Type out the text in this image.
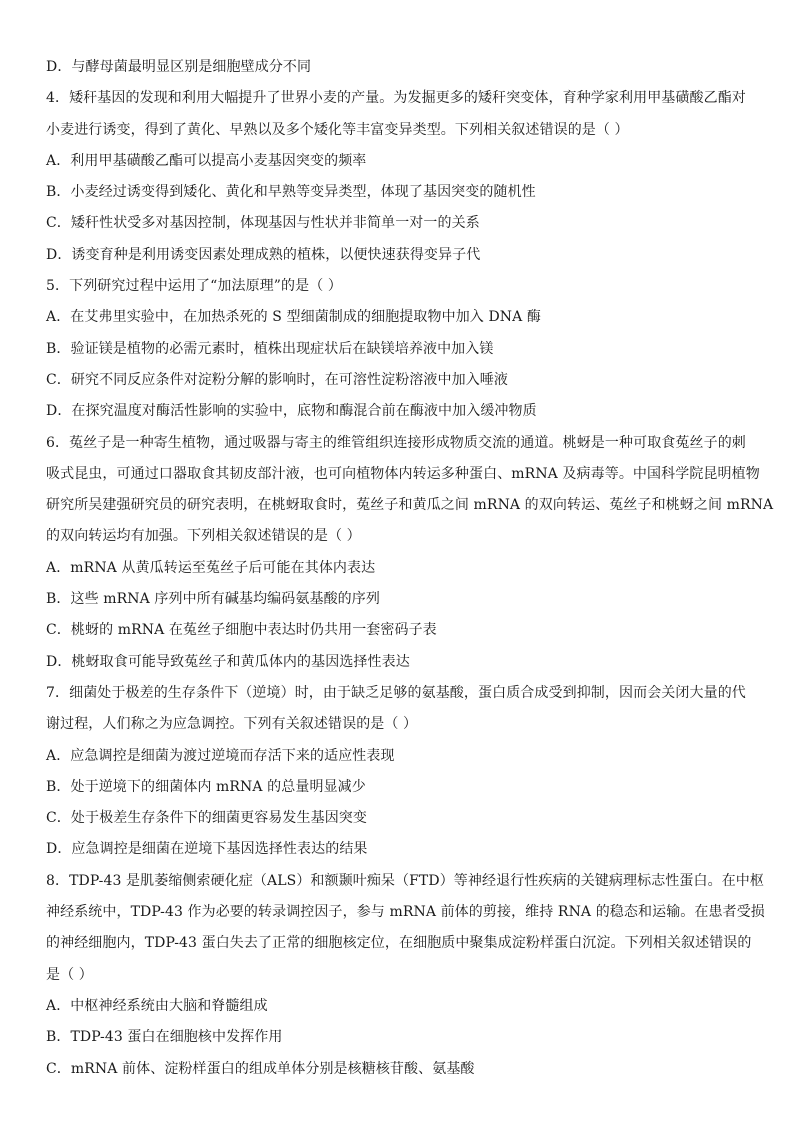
D．与酵母菌最明显区别是细胞壁成分不同
4．矮秆基因的发现和利用大幅提升了世界小麦的产量。为发掘更多的矮秆突变体，育种学家利用甲基磺酸乙酯对
小麦进行诱变，得到了黄化、早熟以及多个矮化等丰富变异类型。下列相关叙述错误的是（ ）
A．利用甲基磺酸乙酯可以提高小麦基因突变的频率
B．小麦经过诱变得到矮化、黄化和早熟等变异类型，体现了基因突变的随机性
C．矮秆性状受多对基因控制，体现基因与性状并非简单一对一的关系
D．诱变育种是利用诱变因素处理成熟的植株，以便快速获得变异子代
5．下列研究过程中运用了“加法原理”的是（ ）
A．在艾弗里实验中，在加热杀死的 S 型细菌制成的细胞提取物中加入 DNA 酶
B．验证镁是植物的必需元素时，植株出现症状后在缺镁培养液中加入镁
C．研究不同反应条件对淀粉分解的影响时，在可溶性淀粉溶液中加入唾液
D．在探究温度对酶活性影响的实验中，底物和酶混合前在酶液中加入缓冲物质
6．菟丝子是一种寄生植物，通过吸器与寄主的维管组织连接形成物质交流的通道。桃蚜是一种可取食菟丝子的刺
吸式昆虫，可通过口器取食其韧皮部汁液，也可向植物体内转运多种蛋白、mRNA 及病毒等。中国科学院昆明植物
研究所吴建强研究员的研究表明，在桃蚜取食时，菟丝子和黄瓜之间 mRNA 的双向转运、菟丝子和桃蚜之间 mRNA
的双向转运均有加强。下列相关叙述错误的是（ ）
A．mRNA 从黄瓜转运至菟丝子后可能在其体内表达
B．这些 mRNA 序列中所有碱基均编码氨基酸的序列
C．桃蚜的 mRNA 在菟丝子细胞中表达时仍共用一套密码子表
D．桃蚜取食可能导致菟丝子和黄瓜体内的基因选择性表达
7．细菌处于极差的生存条件下（逆境）时，由于缺乏足够的氨基酸，蛋白质合成受到抑制，因而会关闭大量的代
谢过程，人们称之为应急调控。下列有关叙述错误的是（ ）
A．应急调控是细菌为渡过逆境而存活下来的适应性表现
B．处于逆境下的细菌体内 mRNA 的总量明显减少
C．处于极差生存条件下的细菌更容易发生基因突变
D．应急调控是细菌在逆境下基因选择性表达的结果
8．TDP-43 是肌萎缩侧索硬化症（ALS）和额颞叶痴呆（FTD）等神经退行性疾病的关键病理标志性蛋白。在中枢
神经系统中，TDP-43 作为必要的转录调控因子，参与 mRNA 前体的剪接，维持 RNA 的稳态和运输。在患者受损
的神经细胞内，TDP-43 蛋白失去了正常的细胞核定位，在细胞质中聚集成淀粉样蛋白沉淀。下列相关叙述错误的
是（ ）
A．中枢神经系统由大脑和脊髓组成
B．TDP-43 蛋白在细胞核中发挥作用
C．mRNA 前体、淀粉样蛋白的组成单体分别是核糖核苷酸、氨基酸
